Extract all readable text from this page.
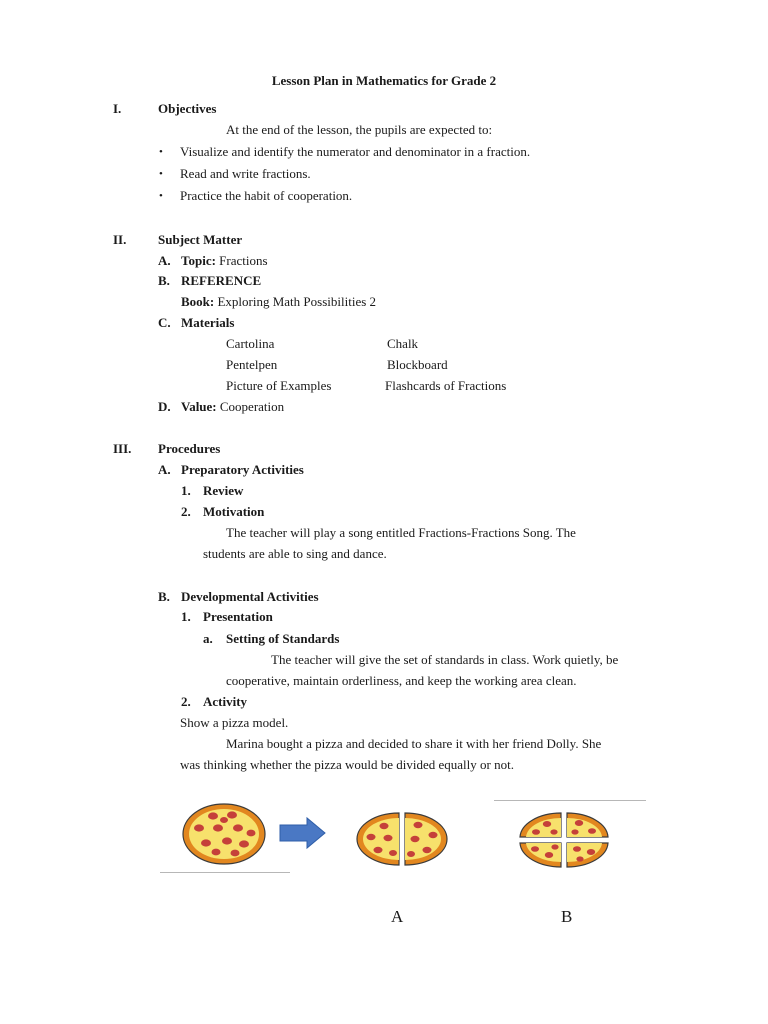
Lesson Plan in Mathematics for Grade 2
I.	Objectives
At the end of the lesson, the pupils are expected to:
• Visualize and identify the numerator and denominator in a fraction.
• Read and write fractions.
• Practice the habit of cooperation.
II. Subject Matter
A. Topic: Fractions
B. REFERENCE
Book: Exploring Math Possibilities 2
C. Materials
Cartolina	Chalk
Pentelpen	Blockboard
Picture of Examples	Flashcards of Fractions
D. Value: Cooperation
III. Procedures
A. Preparatory Activities
1. Review
2. Motivation
The teacher will play a song entitled Fractions-Fractions Song. The
students are able to sing and dance.
B. Developmental Activities
1. Presentation
a. Setting of Standards
The teacher will give the set of standards in class. Work quietly, be
cooperative, maintain orderliness, and keep the working area clean.
2. Activity
Show a pizza model.
Marina bought a pizza and decided to share it with her friend Dolly. She
was thinking whether the pizza would be divided equally or not.
A	B
